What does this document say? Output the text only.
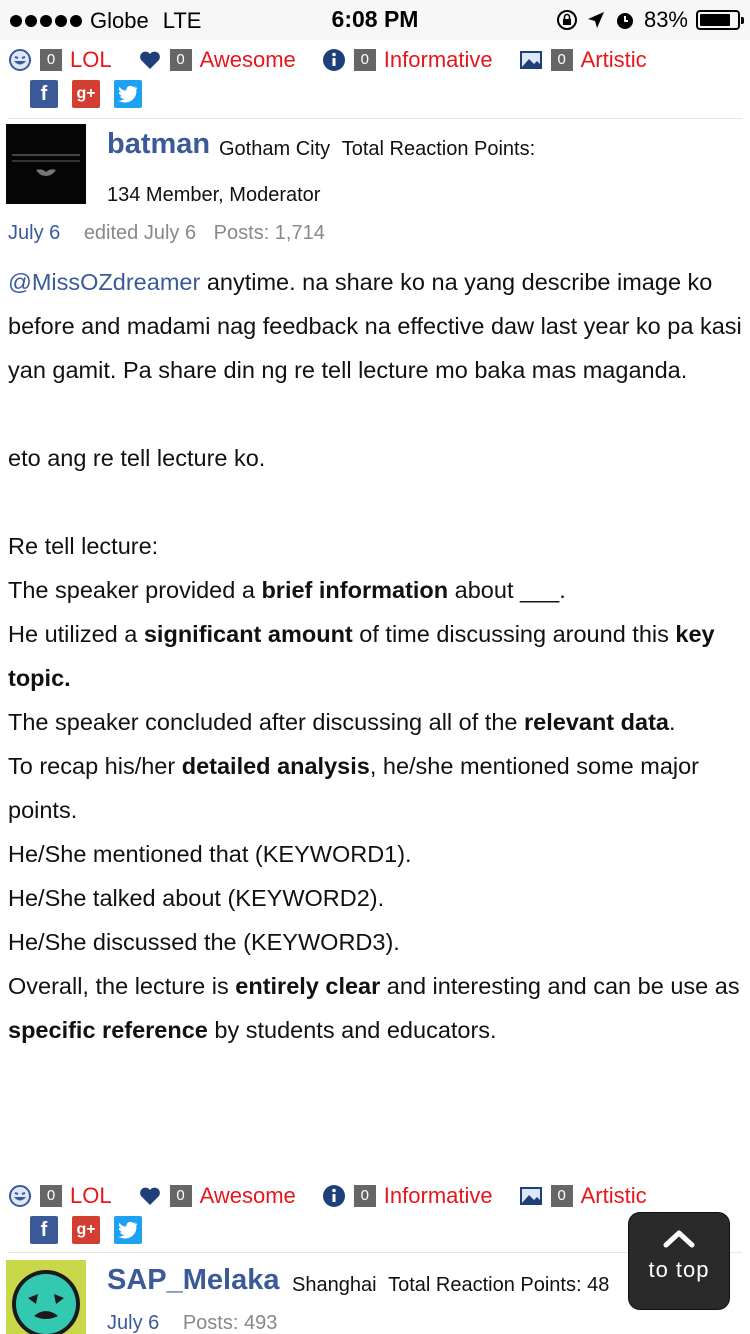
Globe LTE	6:08 PM	83%
0 LOL	0 Awesome	0 Informative	0 Artistic
f g+
batman Gotham City Total Reaction Points:
134 Member, Moderator
July 6 edited July 6 Posts: 1,714

@MissOZdreamer anytime. na share ko na yang describe image ko before and madami nag feedback na effective daw last year ko pa kasi yan gamit. Pa share din ng re tell lecture mo baka mas maganda.

eto ang re tell lecture ko.

Re tell lecture:

The speaker provided a brief information about ___.

He utilized a significant amount of time discussing around this key topic.

The speaker concluded after discussing all of the relevant data.

To recap his/her detailed analysis, he/she mentioned some major points.

He/She mentioned that (KEYWORD1).

He/She talked about (KEYWORD2).

He/She discussed the (KEYWORD3).

Overall, the lecture is entirely clear and interesting and can be use as specific reference by students and educators.

0 LOL	0 Awesome	0 Informative	0 Artistic
f g+
SAP_Melaka Shanghai Total Reaction Points: 48
July 6 Posts: 493
to top
